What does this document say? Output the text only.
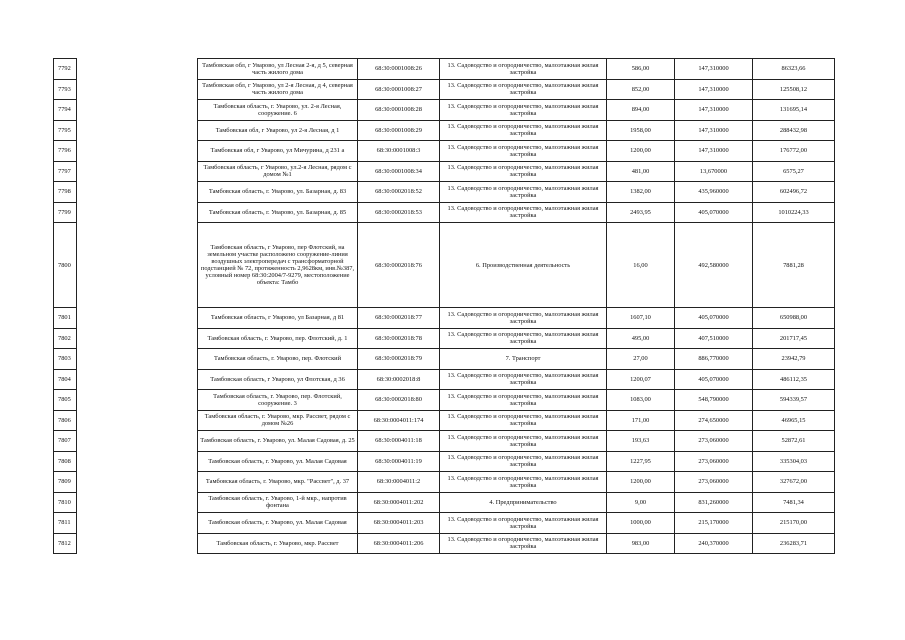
7792		Тамбовская обл, г Уварово, ул Лесная 2-я, д 5, северная часть жилого дома	68:30:0001008:26	13. Садоводство и огородничество, малоэтажная жилая застройка	586,00	147,310000	86323,66
7793		Тамбовская обл, г Уварово, ул 2-я Лесная, д 4, северная часть жилого дома	68:30:0001008:27	13. Садоводство и огородничество, малоэтажная жилая застройка	852,00	147,310000	125508,12
7794		Тамбовская область, г. Уварово, ул. 2-я Лесная, сооружение. 6	68:30:0001008:28	13. Садоводство и огородничество, малоэтажная жилая застройка	894,00	147,310000	131695,14
7795		Тамбовская обл, г Уварово, ул 2-я Лесная, д 1	68:30:0001008:29	13. Садоводство и огородничество, малоэтажная жилая застройка	1958,00	147,310000	288432,98
7796		Тамбовская обл, г Уварово, ул Мичурина, д 231 а	68:30:0001008:3	13. Садоводство и огородничество, малоэтажная жилая застройка	1200,00	147,310000	176772,00
7797		Тамбовская область, г Уварово, ул.2-я Лесная, рядом с домом №1	68:30:0001008:34	13. Садоводство и огородничество, малоэтажная жилая застройка	481,00	13,670000	6575,27
7798		Тамбовская область, г. Уварово, ул. Базарная, д. 83	68:30:0002018:52	13. Садоводство и огородничество, малоэтажная жилая застройка	1382,00	435,960000	602496,72
7799		Тамбовская область, г. Уварово, ул. Базарная, д. 85	68:30:0002018:53	13. Садоводство и огородничество, малоэтажная жилая застройка	2493,95	405,070000	1010224,33
7800		Тамбовская область, г Уварово, пер Флотский, на земельном участке расположено сооружение-линия воздушных электропередач с трансформаторной подстанцией № 72, протяженность 2,9628км, инв.№387, условный номер 68:30:2004/7-9279, местоположение объекта: Тамбо	68:30:0002018:76	6. Производственная деятельность	16,00	492,580000	7881,28
7801		Тамбовская область, г Уварово, ул Базарная, д 81	68:30:0002018:77	13. Садоводство и огородничество, малоэтажная жилая застройка	1607,10	405,070000	650988,00
7802		Тамбовская область, г. Уварово, пер. Флотский, д. 1	68:30:0002018:78	13. Садоводство и огородничество, малоэтажная жилая застройка	495,00	407,510000	201717,45
7803		Тамбовская область, г. Уварово, пер. Флотский	68:30:0002018:79	7. Транспорт	27,00	886,770000	23942,79
7804		Тамбовская область, г Уварово, ул Флотская, д 36	68:30:0002018:8	13. Садоводство и огородничество, малоэтажная жилая застройка	1200,07	405,070000	486112,35
7805		Тамбовская область, г. Уварово, пер. Флотский, сооружение. 3	68:30:0002018:80	13. Садоводство и огородничество, малоэтажная жилая застройка	1083,00	548,790000	594339,57
7806		Тамбовская область, г. Уварово, мкр. Рассвет, рядом с домом №26	68:30:0004011:174	13. Садоводство и огородничество, малоэтажная жилая застройка	171,00	274,650000	46965,15
7807		Тамбовская область, г. Уварово, ул. Малая Садовая, д. 25	68:30:0004011:18	13. Садоводство и огородничество, малоэтажная жилая застройка	193,63	273,060000	52872,61
7808		Тамбовская область, г. Уварово, ул. Малая Садовая	68:30:0004011:19	13. Садоводство и огородничество, малоэтажная жилая застройка	1227,95	273,060000	335304,03
7809		Тамбовская область, г. Уварово, мкр. "Рассвет", д. 37	68:30:0004011:2	13. Садоводство и огородничество, малоэтажная жилая застройка	1200,00	273,060000	327672,00
7810		Тамбовская область, г. Уварово, 1-й мкр., напротив фонтана	68:30:0004011:202	4. Предпринимательство	9,00	831,260000	7481,34
7811		Тамбовская область, г. Уварово, ул. Малая Садовая	68:30:0004011:203	13. Садоводство и огородничество, малоэтажная жилая застройка	1000,00	215,170000	215170,00
7812		Тамбовская область, г. Уварово, мкр. Рассвет	68:30:0004011:206	13. Садоводство и огородничество, малоэтажная жилая застройка	983,00	240,370000	236283,71
